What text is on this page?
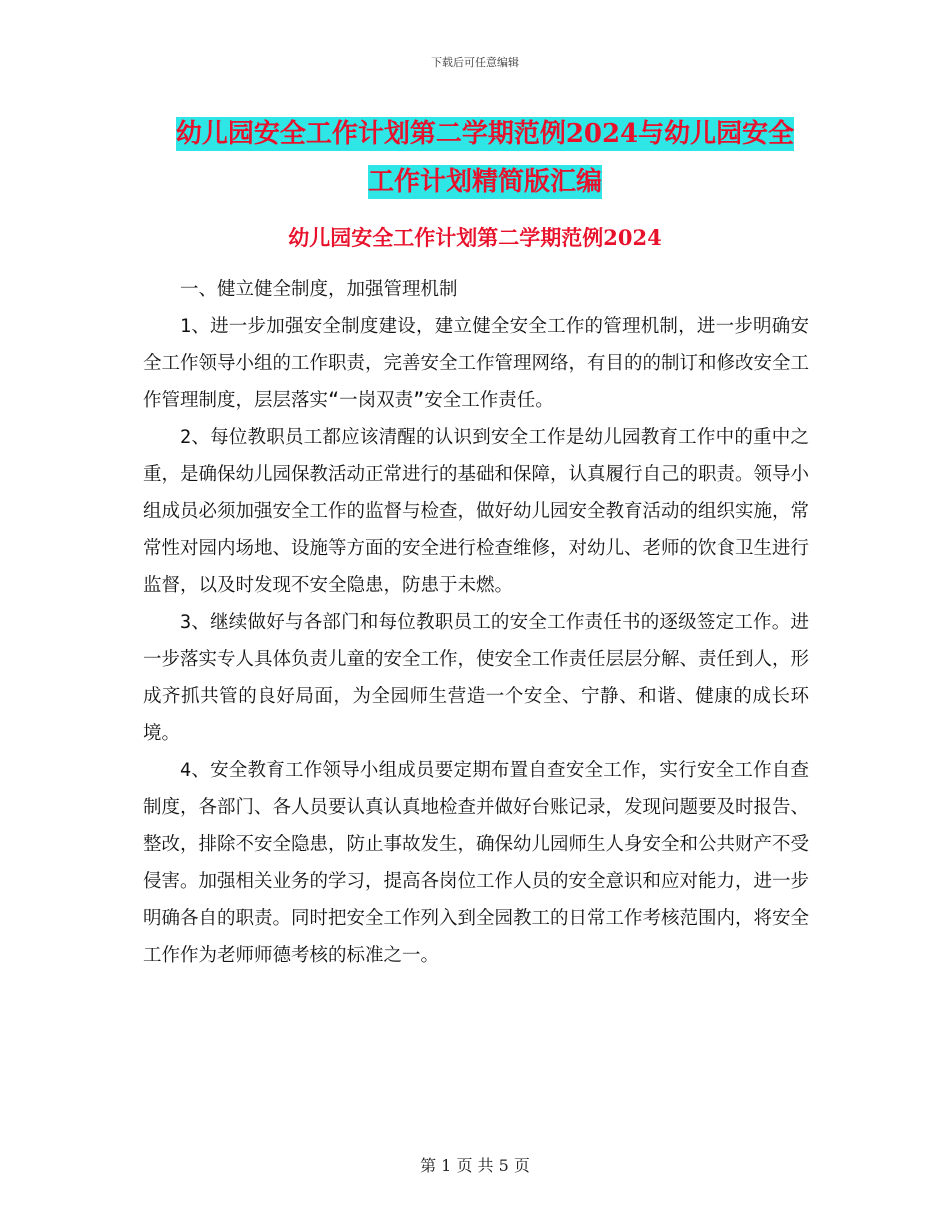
下载后可任意编辑
幼儿园安全工作计划第二学期范例2024与幼儿园安全
工作计划精简版汇编
幼儿园安全工作计划第二学期范例2024

一、健立健全制度，加强管理机制

1、进一步加强安全制度建设，建立健全安全工作的管理机制，进一步明确安全工作领导小组的工作职责，完善安全工作管理网络，有目的的制订和修改安全工作管理制度，层层落实“一岗双责”安全工作责任。

2、每位教职员工都应该清醒的认识到安全工作是幼儿园教育工作中的重中之重，是确保幼儿园保教活动正常进行的基础和保障，认真履行自己的职责。领导小组成员必须加强安全工作的监督与检查，做好幼儿园安全教育活动的组织实施，常常性对园内场地、设施等方面的安全进行检查维修，对幼儿、老师的饮食卫生进行监督，以及时发现不安全隐患，防患于未燃。

3、继续做好与各部门和每位教职员工的安全工作责任书的逐级签定工作。进一步落实专人具体负责儿童的安全工作，使安全工作责任层层分解、责任到人，形成齐抓共管的良好局面，为全园师生营造一个安全、宁静、和谐、健康的成长环境。

4、安全教育工作领导小组成员要定期布置自查安全工作，实行安全工作自查制度，各部门、各人员要认真认真地检查并做好台账记录，发现问题要及时报告、整改，排除不安全隐患，防止事故发生，确保幼儿园师生人身安全和公共财产不受侵害。加强相关业务的学习，提高各岗位工作人员的安全意识和应对能力，进一步明确各自的职责。同时把安全工作列入到全园教工的日常工作考核范围内，将安全工作作为老师师德考核的标准之一。

第 1 页 共 5 页
